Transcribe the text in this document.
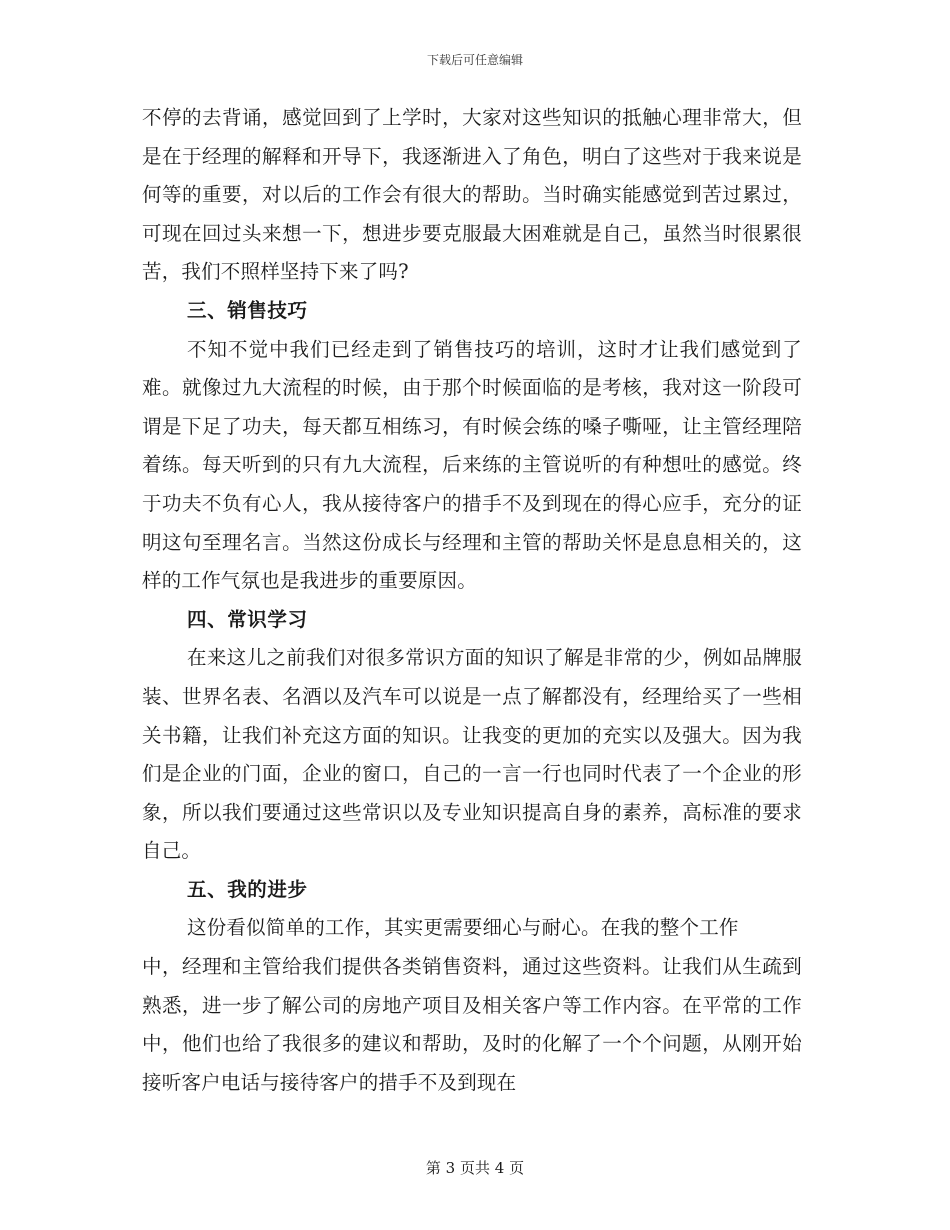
下载后可任意编辑

不停的去背诵，感觉回到了上学时，大家对这些知识的抵触心理非常大，但是在于经理的解释和开导下，我逐渐进入了角色，明白了这些对于我来说是何等的重要，对以后的工作会有很大的帮助。当时确实能感觉到苦过累过，可现在回过头来想一下，想进步要克服最大困难就是自己，虽然当时很累很苦，我们不照样坚持下来了吗?

三、销售技巧

不知不觉中我们已经走到了销售技巧的培训，这时才让我们感觉到了难。就像过九大流程的时候，由于那个时候面临的是考核，我对这一阶段可谓是下足了功夫，每天都互相练习，有时候会练的嗓子嘶哑，让主管经理陪着练。每天听到的只有九大流程，后来练的主管说听的有种想吐的感觉。终于功夫不负有心人，我从接待客户的措手不及到现在的得心应手，充分的证明这句至理名言。当然这份成长与经理和主管的帮助关怀是息息相关的，这样的工作气氛也是我进步的重要原因。

四、常识学习

在来这儿之前我们对很多常识方面的知识了解是非常的少，例如品牌服装、世界名表、名酒以及汽车可以说是一点了解都没有，经理给买了一些相关书籍，让我们补充这方面的知识。让我变的更加的充实以及强大。因为我们是企业的门面，企业的窗口，自己的一言一行也同时代表了一个企业的形象，所以我们要通过这些常识以及专业知识提高自身的素养，高标准的要求自己。

五、我的进步

这份看似简单的工作，其实更需要细心与耐心。在我的整个工作

中，经理和主管给我们提供各类销售资料，通过这些资料。让我们从生疏到熟悉，进一步了解公司的房地产项目及相关客户等工作内容。在平常的工作中，他们也给了我很多的建议和帮助，及时的化解了一个个问题，从刚开始接听客户电话与接待客户的措手不及到现在

第 3 页共 4 页
